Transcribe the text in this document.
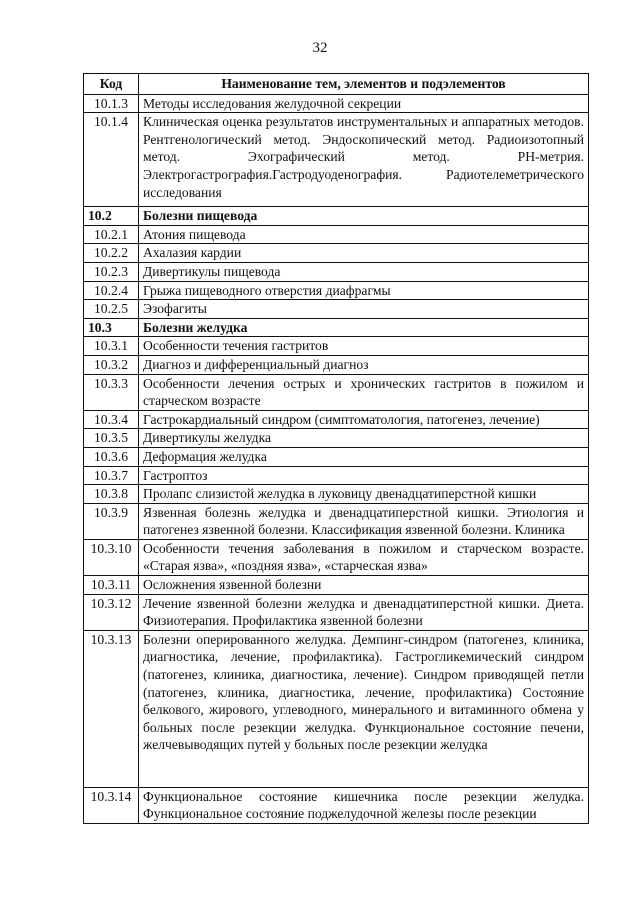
32
Код	Наименование тем, элементов и подэлементов
10.1.3	Методы исследования желудочной секреции
10.1.4	Клиническая оценка результатов инструментальных и аппаратных методов. Рентгенологический метод. Эндоскопический метод. Радиоизотопный метод. Эхографический метод. PH-метрия. Электрогастрография.Гастродуоденография. Радиотелеметрического исследования
10.2	Болезни пищевода
10.2.1	Атония пищевода
10.2.2	Ахалазия кардии
10.2.3	Дивертикулы пищевода
10.2.4	Грыжа пищеводного отверстия диафрагмы
10.2.5	Эзофагиты
10.3	Болезни желудка
10.3.1	Особенности течения гастритов
10.3.2	Диагноз и дифференциальный диагноз
10.3.3	Особенности лечения острых и хронических гастритов в пожилом и старческом возрасте
10.3.4	Гастрокардиальный синдром (симптоматология, патогенез, лечение)
10.3.5	Дивертикулы желудка
10.3.6	Деформация желудка
10.3.7	Гастроптоз
10.3.8	Пролапс слизистой желудка в луковицу двенадцатиперстной кишки
10.3.9	Язвенная болезнь желудка и двенадцатиперстной кишки. Этиология и патогенез язвенной болезни. Классификация язвенной болезни. Клиника
10.3.10	Особенности течения заболевания в пожилом и старческом возрасте. «Старая язва», «поздняя язва», «старческая язва»
10.3.11	Осложнения язвенной болезни
10.3.12	Лечение язвенной болезни желудка и двенадцатиперстной кишки. Диета. Физиотерапия. Профилактика язвенной болезни
10.3.13	Болезни оперированного желудка. Демпинг-синдром (патогенез, клиника, диагностика, лечение, профилактика). Гастрогликемический синдром (патогенез, клиника, диагностика, лечение). Синдром приводящей петли (патогенез, клиника, диагностика, лечение, профилактика) Состояние белкового, жирового, углеводного, минерального и витаминного обмена у больных после резекции желудка. Функциональное состояние печени, желчевыводящих путей у больных после резекции желудка
10.3.14	Функциональное состояние кишечника после резекции желудка. Функциональное состояние поджелудочной железы после резекции
